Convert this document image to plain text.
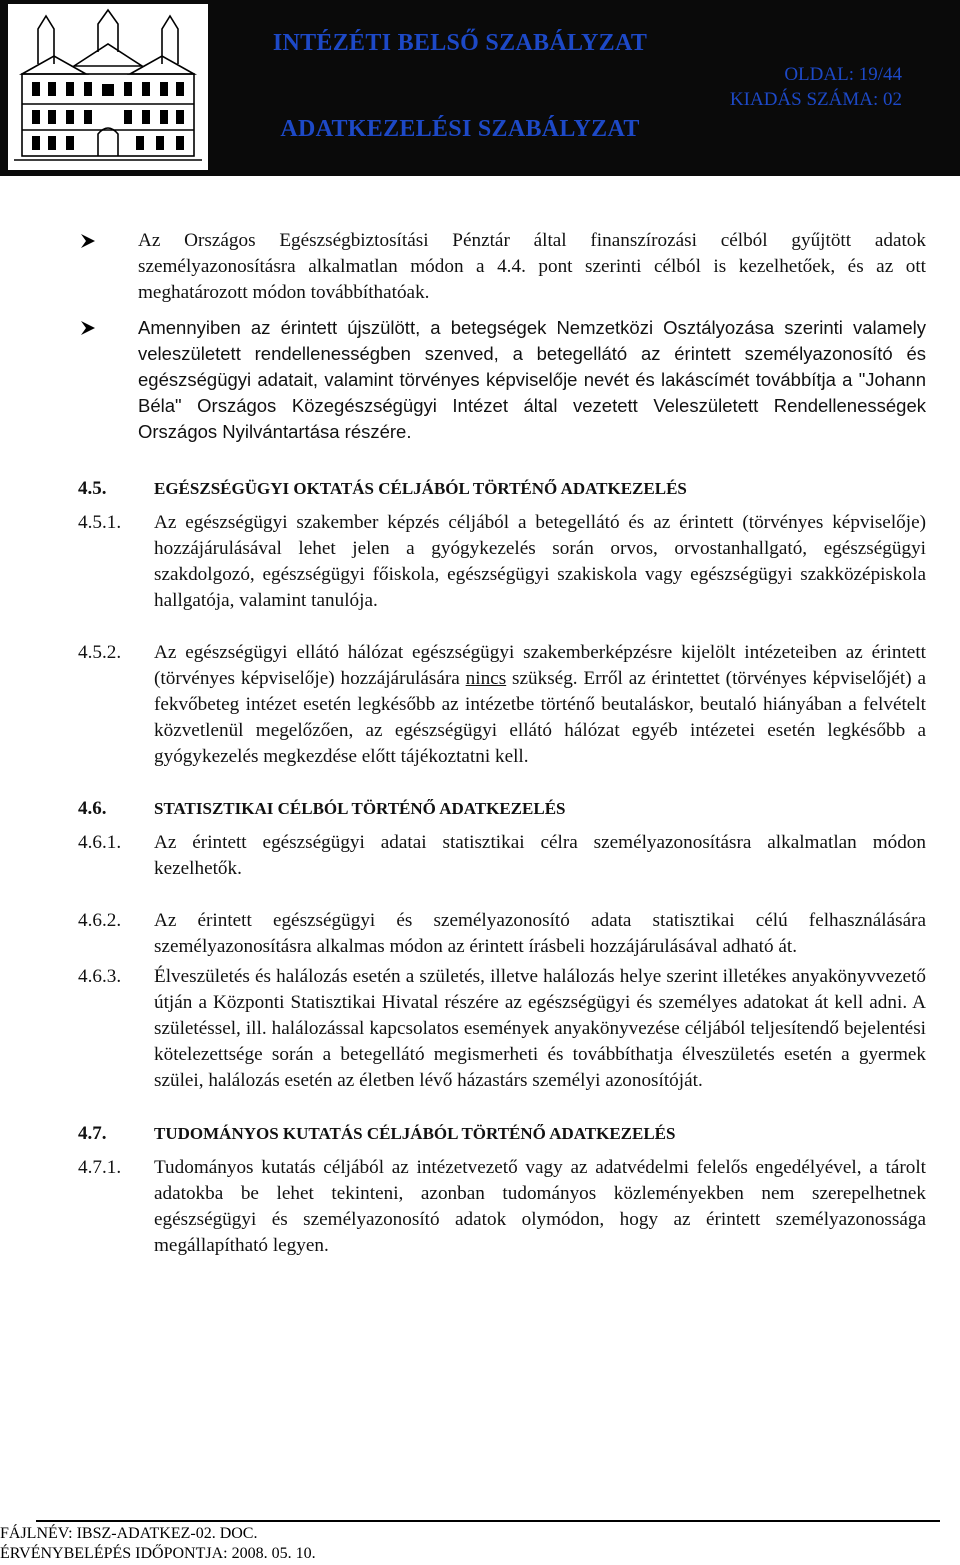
INTÉZÉTI BELSŐ SZABÁLYZAT
OLDAL: 19/44
KIADÁS SZÁMA: 02
ADATKEZELÉSI SZABÁLYZAT
Az Országos Egészségbiztosítási Pénztár által finanszírozási célból gyűjtött adatok személyazonosításra alkalmatlan módon a 4.4. pont szerinti célból is kezelhetőek, és az ott meghatározott módon továbbíthatóak.
Amennyiben az érintett újszülött, a betegségek Nemzetközi Osztályozása szerinti valamely veleszületett rendellenességben szenved, a betegellátó az érintett személyazonosító és egészségügyi adatait, valamint törvényes képviselője nevét és lakáscímét továbbítja a "Johann Béla" Országos Közegészségügyi Intézet által vezetett Veleszületett Rendellenességek Országos Nyilvántartása részére.
4.5.	EGÉSZSÉGÜGYI OKTATÁS CÉLJÁBÓL TÖRTÉNŐ ADATKEZELÉS
4.5.1. Az egészségügyi szakember képzés céljából a betegellátó és az érintett (törvényes képviselője) hozzájárulásával lehet jelen a gyógykezelés során orvos, orvostanhallgató, egészségügyi szakdolgozó, egészségügyi főiskola, egészségügyi szakiskola vagy egészségügyi szakközépiskola hallgatója, valamint tanulója.
4.5.2. Az egészségügyi ellátó hálózat egészségügyi szakemberképzésre kijelölt intézeteiben az érintett (törvényes képviselője) hozzájárulására nincs szükség. Erről az érintettet (törvényes képviselőjét) a fekvőbeteg intézet esetén legkésőbb az intézetbe történő beutaláskor, beutaló hiányában a felvételt közvetlenül megelőzően, az egészségügyi ellátó hálózat egyéb intézetei esetén legkésőbb a gyógykezelés megkezdése előtt tájékoztatni kell.
4.6.	STATISZTIKAI CÉLBÓL TÖRTÉNŐ ADATKEZELÉS
4.6.1. Az érintett egészségügyi adatai statisztikai célra személyazonosításra alkalmatlan módon kezelhetők.
4.6.2. Az érintett egészségügyi és személyazonosító adata statisztikai célú felhasználására személyazonosításra alkalmas módon az érintett írásbeli hozzájárulásával adható át.
4.6.3. Élveszületés és halálozás esetén a születés, illetve halálozás helye szerint illetékes anyakönyvvezető útján a Központi Statisztikai Hivatal részére az egészségügyi és személyes adatokat át kell adni. A születéssel, ill. halálozással kapcsolatos események anyakönyvezése céljából teljesítendő bejelentési kötelezettsége során a betegellátó megismerheti és továbbíthatja élveszületés esetén a gyermek szülei, halálozás esetén az életben lévő házastárs személyi azonosítóját.
4.7.	TUDOMÁNYOS KUTATÁS CÉLJÁBÓL TÖRTÉNŐ ADATKEZELÉS
4.7.1. Tudományos kutatás céljából az intézetvezető vagy az adatvédelmi felelős engedélyével, a tárolt adatokba be lehet tekinteni, azonban tudományos közleményekben nem szerepelhetnek egészségügyi és személyazonosító adatok olymódon, hogy az érintett személyazonossága megállapítható legyen.
FÁJLNÉV: IBSZ-ADATKEZ-02. DOC.
ÉRVÉNYBELÉPÉS IDŐPONTJA: 2008. 05. 10.
